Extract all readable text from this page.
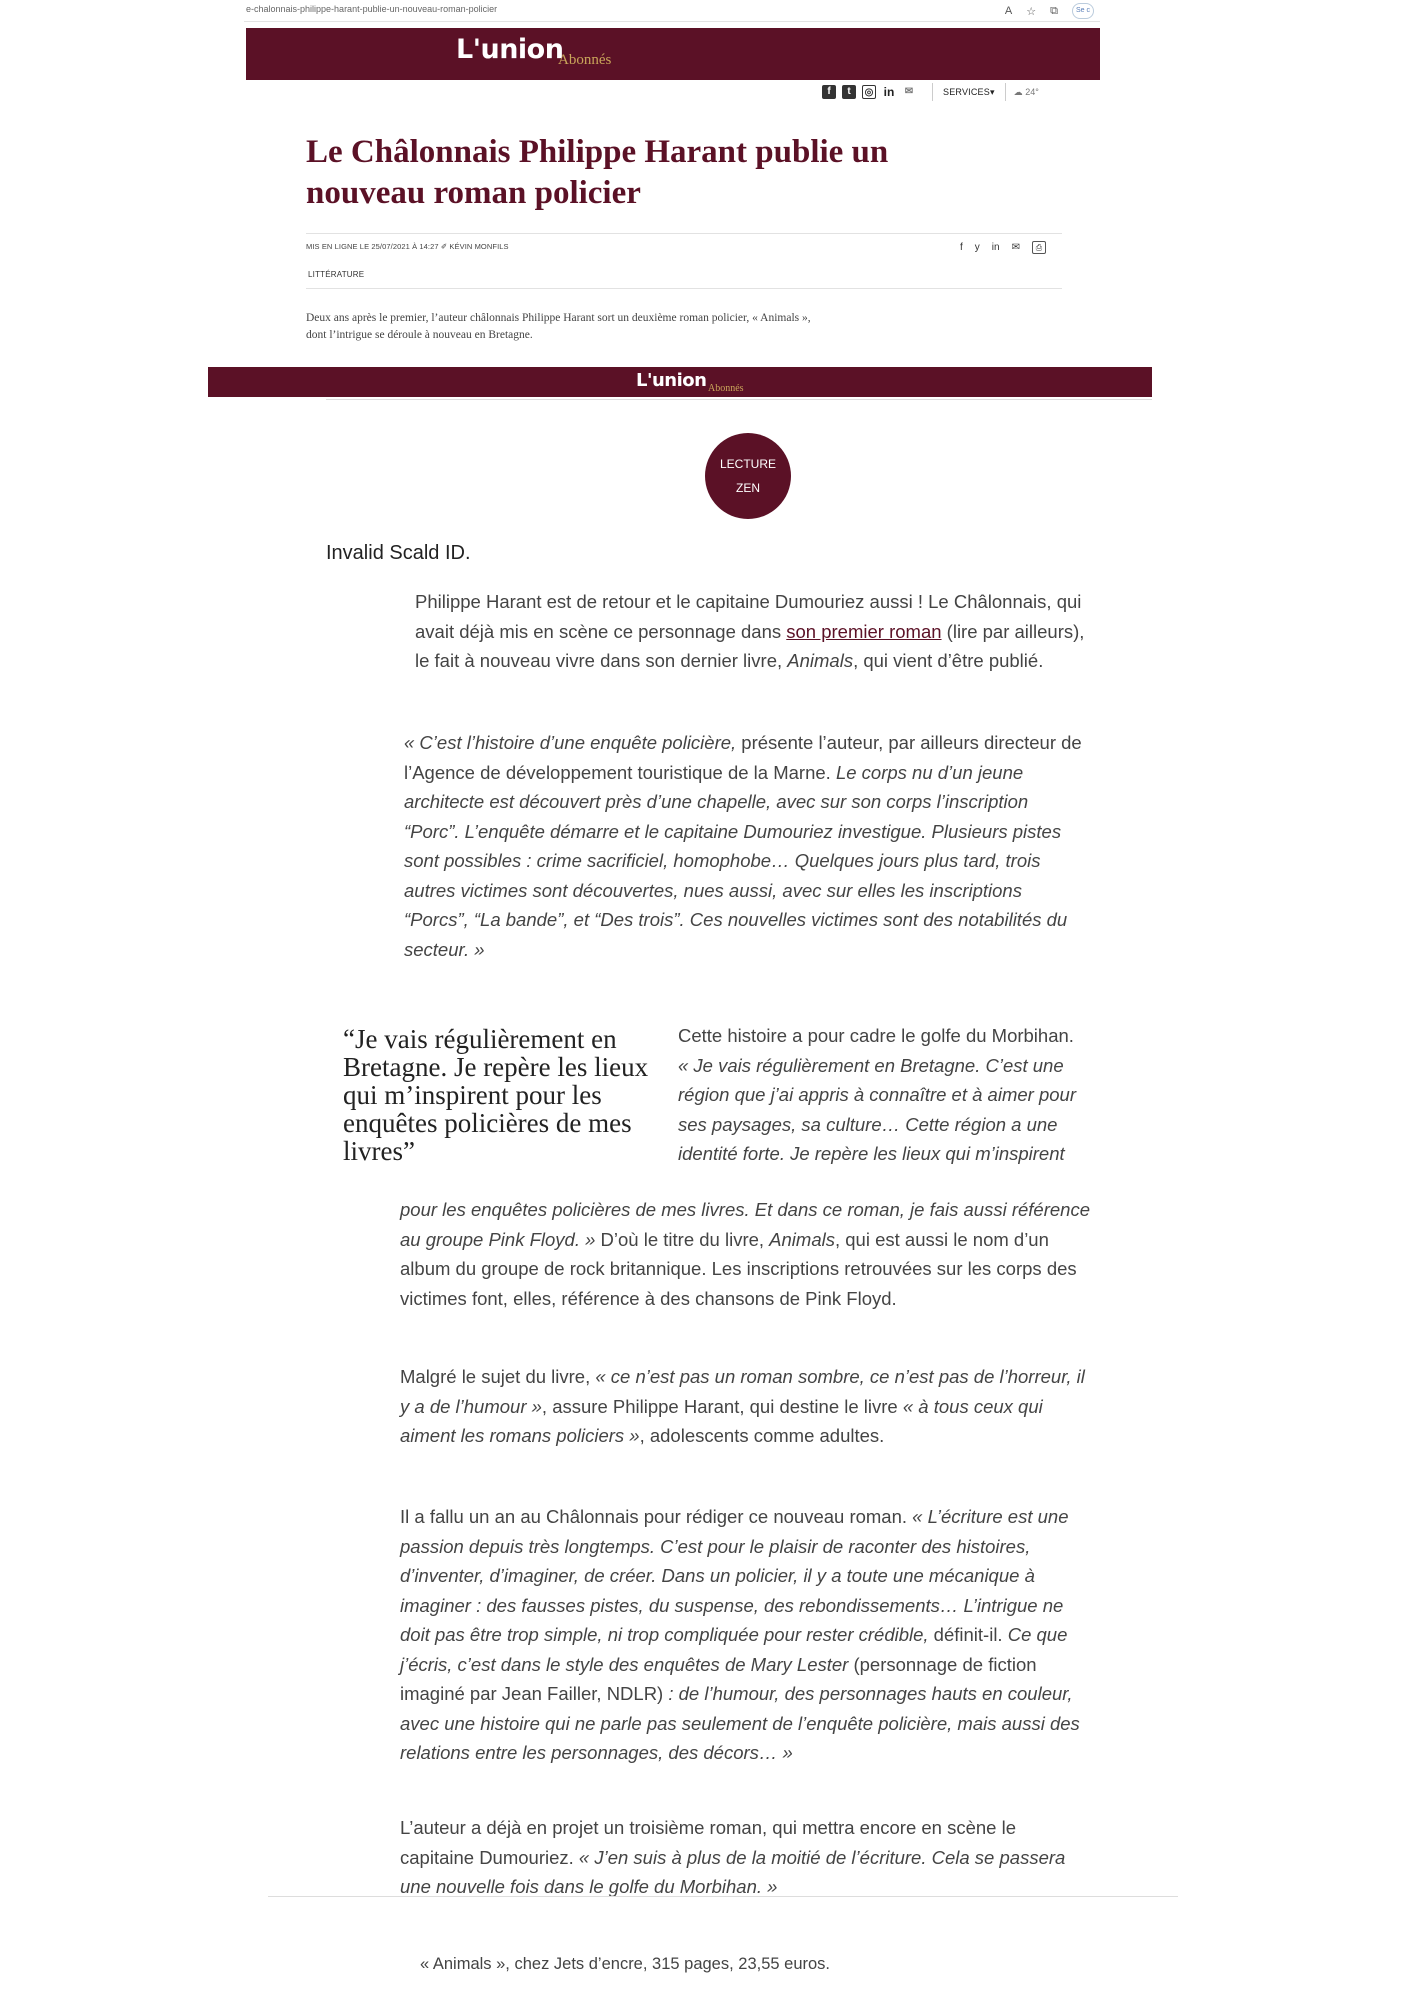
e-chalonnais-philippe-harant-publie-un-nouveau-roman-policier	A ☆ ⧉	Se c
L'union
Abonnés
f	t	◎ in ✉	SERVICES▾	☁ 24°
Le Châlonnais Philippe Harant publie un nouveau roman policier
MIS EN LIGNE LE 25/07/2021 À 14:27 ✐ KÉVIN MONFILS	f y in ✉	⎙
LITTÉRATURE

Deux ans après le premier, l’auteur châlonnais Philippe Harant sort un deuxième roman policier, « Animals », dont l’intrigue se déroule à nouveau en Bretagne.

L'union Abonnés
LECTURE
ZEN
Invalid Scald ID.

Philippe Harant est de retour et le capitaine Dumouriez aussi ! Le Châlonnais, qui avait déjà mis en scène ce personnage dans son premier roman (lire par ailleurs), le fait à nouveau vivre dans son dernier livre, Animals, qui vient d’être publié.

« C’est l’histoire d’une enquête policière, présente l’auteur, par ailleurs directeur de l’Agence de développement touristique de la Marne. Le corps nu d’un jeune architecte est découvert près d’une chapelle, avec sur son corps l’inscription “Porc”. L’enquête démarre et le capitaine Dumouriez investigue. Plusieurs pistes sont possibles : crime sacrificiel, homophobe… Quelques jours plus tard, trois autres victimes sont découvertes, nues aussi, avec sur elles les inscriptions “Porcs”, “La bande”, et “Des trois”. Ces nouvelles victimes sont des notabilités du secteur. »

“Je vais régulièrement en Bretagne. Je repère les lieux qui m’inspirent pour les enquêtes policières de mes livres”

Cette histoire a pour cadre le golfe du Morbihan. « Je vais régulièrement en Bretagne. C’est une région que j’ai appris à connaître et à aimer pour ses paysages, sa culture… Cette région a une identité forte. Je repère les lieux qui m’inspirent

pour les enquêtes policières de mes livres. Et dans ce roman, je fais aussi référence au groupe Pink Floyd. » D’où le titre du livre, Animals, qui est aussi le nom d’un album du groupe de rock britannique. Les inscriptions retrouvées sur les corps des victimes font, elles, référence à des chansons de Pink Floyd.

Malgré le sujet du livre, « ce n’est pas un roman sombre, ce n’est pas de l’horreur, il y a de l’humour », assure Philippe Harant, qui destine le livre « à tous ceux qui aiment les romans policiers », adolescents comme adultes.

Il a fallu un an au Châlonnais pour rédiger ce nouveau roman. « L’écriture est une passion depuis très longtemps. C’est pour le plaisir de raconter des histoires, d’inventer, d’imaginer, de créer. Dans un policier, il y a toute une mécanique à imaginer : des fausses pistes, du suspense, des rebondissements… L’intrigue ne doit pas être trop simple, ni trop compliquée pour rester crédible, définit-il. Ce que j’écris, c’est dans le style des enquêtes de Mary Lester (personnage de fiction imaginé par Jean Failler, NDLR) : de l’humour, des personnages hauts en couleur, avec une histoire qui ne parle pas seulement de l’enquête policière, mais aussi des relations entre les personnages, des décors… »

L’auteur a déjà en projet un troisième roman, qui mettra encore en scène le capitaine Dumouriez. « J’en suis à plus de la moitié de l’écriture. Cela se passera une nouvelle fois dans le golfe du Morbihan. »

« Animals », chez Jets d’encre, 315 pages, 23,55 euros.
